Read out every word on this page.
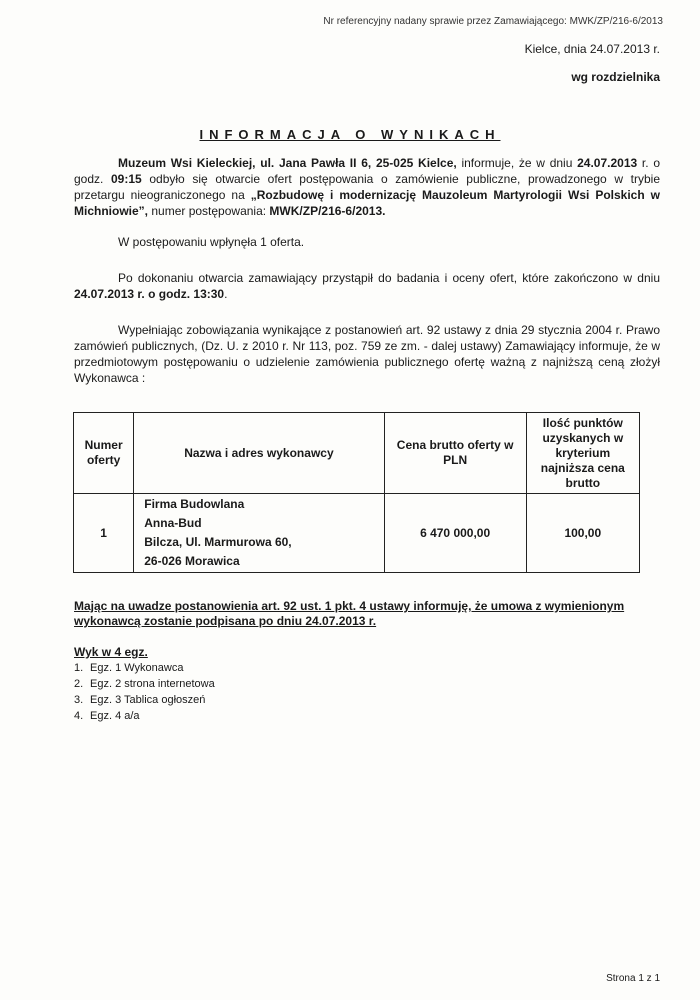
Nr referencyjny nadany sprawie przez Zamawiającego: MWK/ZP/216-6/2013
Kielce, dnia 24.07.2013 r.
wg rozdzielnika
INFORMACJA O WYNIKACH
Muzeum Wsi Kieleckiej, ul. Jana Pawła II 6, 25-025 Kielce, informuje, że w dniu 24.07.2013 r. o godz. 09:15 odbyło się otwarcie ofert postępowania o zamówienie publiczne, prowadzonego w trybie przetargu nieograniczonego na „Rozbudowę i modernizację Mauzoleum Martyrologii Wsi Polskich w Michniowie”, numer postępowania: MWK/ZP/216-6/2013.
W postępowaniu wpłynęła 1 oferta.
Po dokonaniu otwarcia zamawiający przystąpił do badania i oceny ofert, które zakończono w dniu 24.07.2013 r. o godz. 13:30.
Wypełniając zobowiązania wynikające z postanowień art. 92 ustawy z dnia 29 stycznia 2004 r. Prawo zamówień publicznych, (Dz. U. z 2010 r. Nr 113, poz. 759 ze zm. - dalej ustawy) Zamawiający informuje, że w przedmiotowym postępowaniu o udzielenie zamówienia publicznego ofertę ważną z najniższą ceną złożył Wykonawca :
Numer oferty	Nazwa i adres wykonawcy	Cena brutto oferty w PLN	Ilość punktów uzyskanych w kryterium najniższa cena brutto
1	Firma Budowlana
Anna-Bud
Bilcza, Ul. Marmurowa 60,
26-026 Morawica	6 470 000,00	100,00
Mając na uwadze postanowienia art. 92 ust. 1 pkt. 4 ustawy informuję, że umowa z wymienionym wykonawcą zostanie podpisana po dniu 24.07.2013 r.
Wyk w 4 egz.
1. Egz. 1 Wykonawca
2. Egz. 2 strona internetowa
3. Egz. 3 Tablica ogłoszeń
4. Egz. 4 a/a
Strona 1 z 1
